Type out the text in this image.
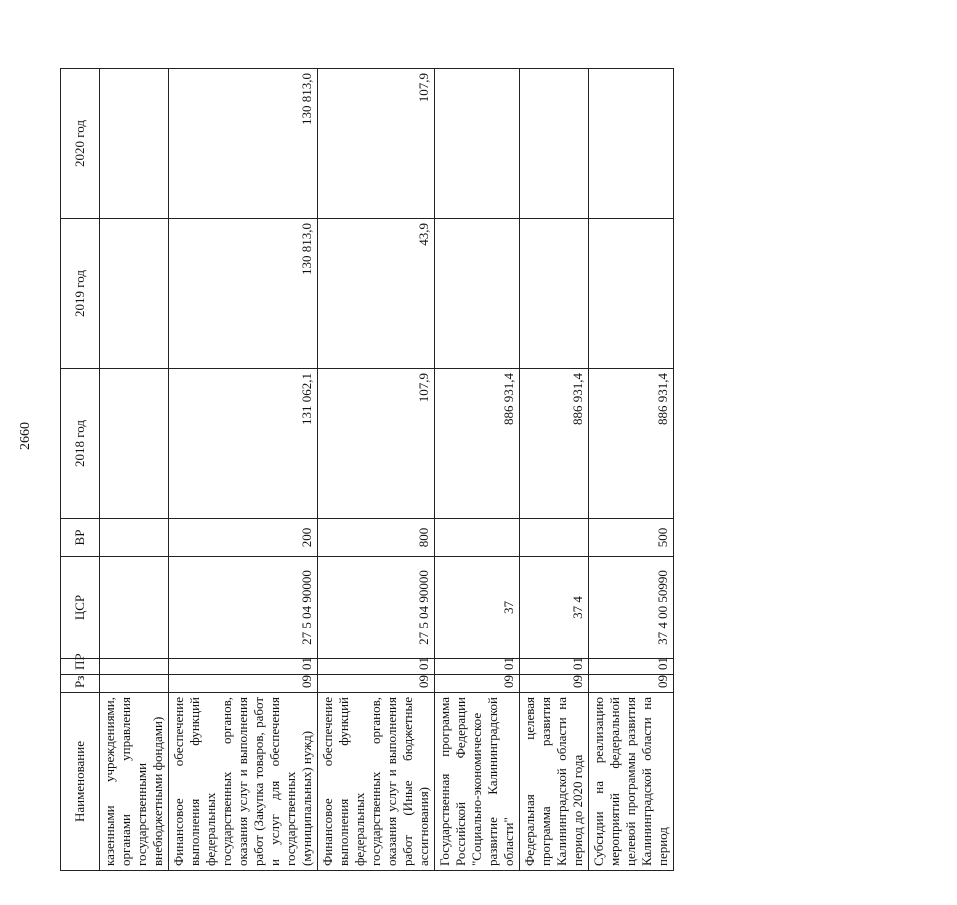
2660
Наименование	Рз	ПР	ЦСР	ВР	2018 год	2019 год	2020 год
казенными учреждениями, органами управления государственными внебюджетными фондами)							
Финансовое обеспечение выполнения функций федеральных государственных органов, оказания услуг и выполнения работ (Закупка товаров, работ и услуг для обеспечения государственных (муниципальных) нужд)	09	01	27 5 04 90000	200	131 062,1	130 813,0	130 813,0
Финансовое обеспечение выполнения функций федеральных государственных органов, оказания услуг и выполнения работ (Иные бюджетные ассигнования)	09	01	27 5 04 90000	800	107,9	43,9	107,9
Государственная программа Российской Федерации "Социально-экономическое развитие Калининградской области"	09	01	37		886 931,4		
Федеральная целевая программа развития Калининградской области на период до 2020 года	09	01	37 4		886 931,4		
Субсидии на реализацию мероприятий федеральной целевой программы развития Калининградской области на период	09	01	37 4 00 50990	500	886 931,4		
